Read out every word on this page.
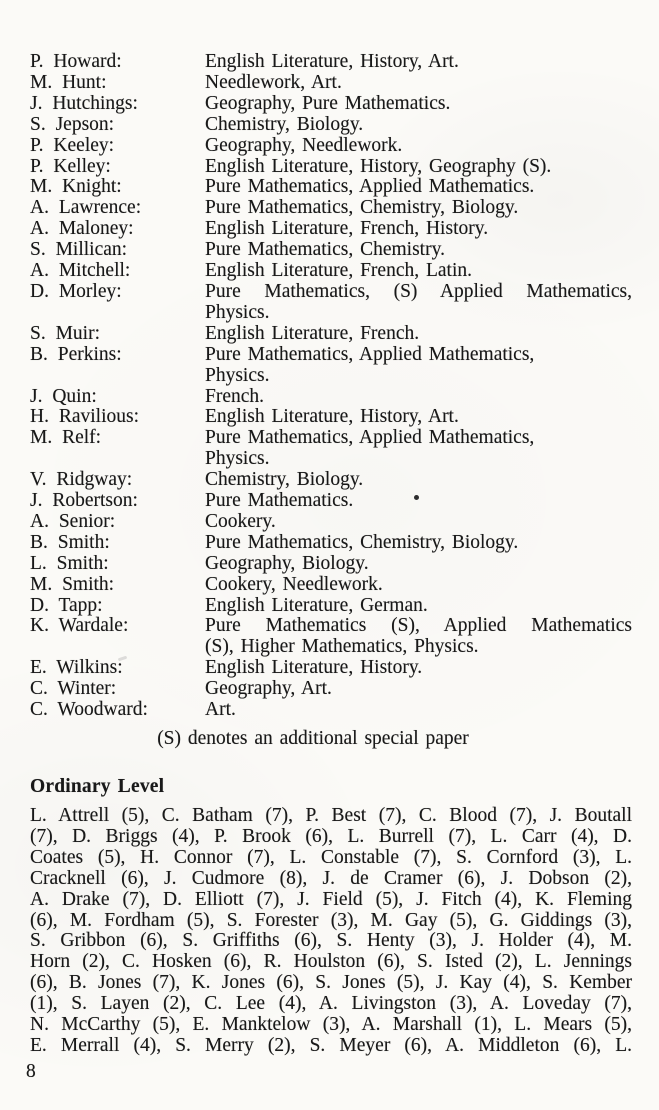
P. Howard:	English Literature, History, Art.
M. Hunt:	Needlework, Art.
J. Hutchings:	Geography, Pure Mathematics.
S. Jepson:	Chemistry, Biology.
P. Keeley:	Geography, Needlework.
P. Kelley:	English Literature, History, Geography (S).
M. Knight:	Pure Mathematics, Applied Mathematics.
A. Lawrence:	Pure Mathematics, Chemistry, Biology.
A. Maloney:	English Literature, French, History.
S. Millican:	Pure Mathematics, Chemistry.
A. Mitchell:	English Literature, French, Latin.
D. Morley:	Pure Mathematics, (S) Applied Mathematics,
Physics.
S. Muir:	English Literature, French.
B. Perkins:	Pure Mathematics, Applied Mathematics,
Physics.
J. Quin:	French.
H. Ravilious:	English Literature, History, Art.
M. Relf:	Pure Mathematics, Applied Mathematics,
Physics.
V. Ridgway:	Chemistry, Biology.
J. Robertson:	Pure Mathematics.
A. Senior:	Cookery.
B. Smith:	Pure Mathematics, Chemistry, Biology.
L. Smith:	Geography, Biology.
M. Smith:	Cookery, Needlework.
D. Tapp:	English Literature, German.
K. Wardale:	Pure Mathematics (S), Applied Mathematics
(S), Higher Mathematics, Physics.
E. Wilkins:	English Literature, History.
C. Winter:	Geography, Art.
C. Woodward:	Art.
(S) denotes an additional special paper
Ordinary Level
L. Attrell (5), C. Batham (7), P. Best (7), C. Blood (7), J. Boutall
(7), D. Briggs (4), P. Brook (6), L. Burrell (7), L. Carr (4), D.
Coates (5), H. Connor (7), L. Constable (7), S. Cornford (3), L.
Cracknell (6), J. Cudmore (8), J. de Cramer (6), J. Dobson (2),
A. Drake (7), D. Elliott (7), J. Field (5), J. Fitch (4), K. Fleming
(6), M. Fordham (5), S. Forester (3), M. Gay (5), G. Giddings (3),
S. Gribbon (6), S. Griffiths (6), S. Henty (3), J. Holder (4), M.
Horn (2), C. Hosken (6), R. Houlston (6), S. Isted (2), L. Jennings
(6), B. Jones (7), K. Jones (6), S. Jones (5), J. Kay (4), S. Kember
(1), S. Layen (2), C. Lee (4), A. Livingston (3), A. Loveday (7),
N. McCarthy (5), E. Manktelow (3), A. Marshall (1), L. Mears (5),
E. Merrall (4), S. Merry (2), S. Meyer (6), A. Middleton (6), L.
8
